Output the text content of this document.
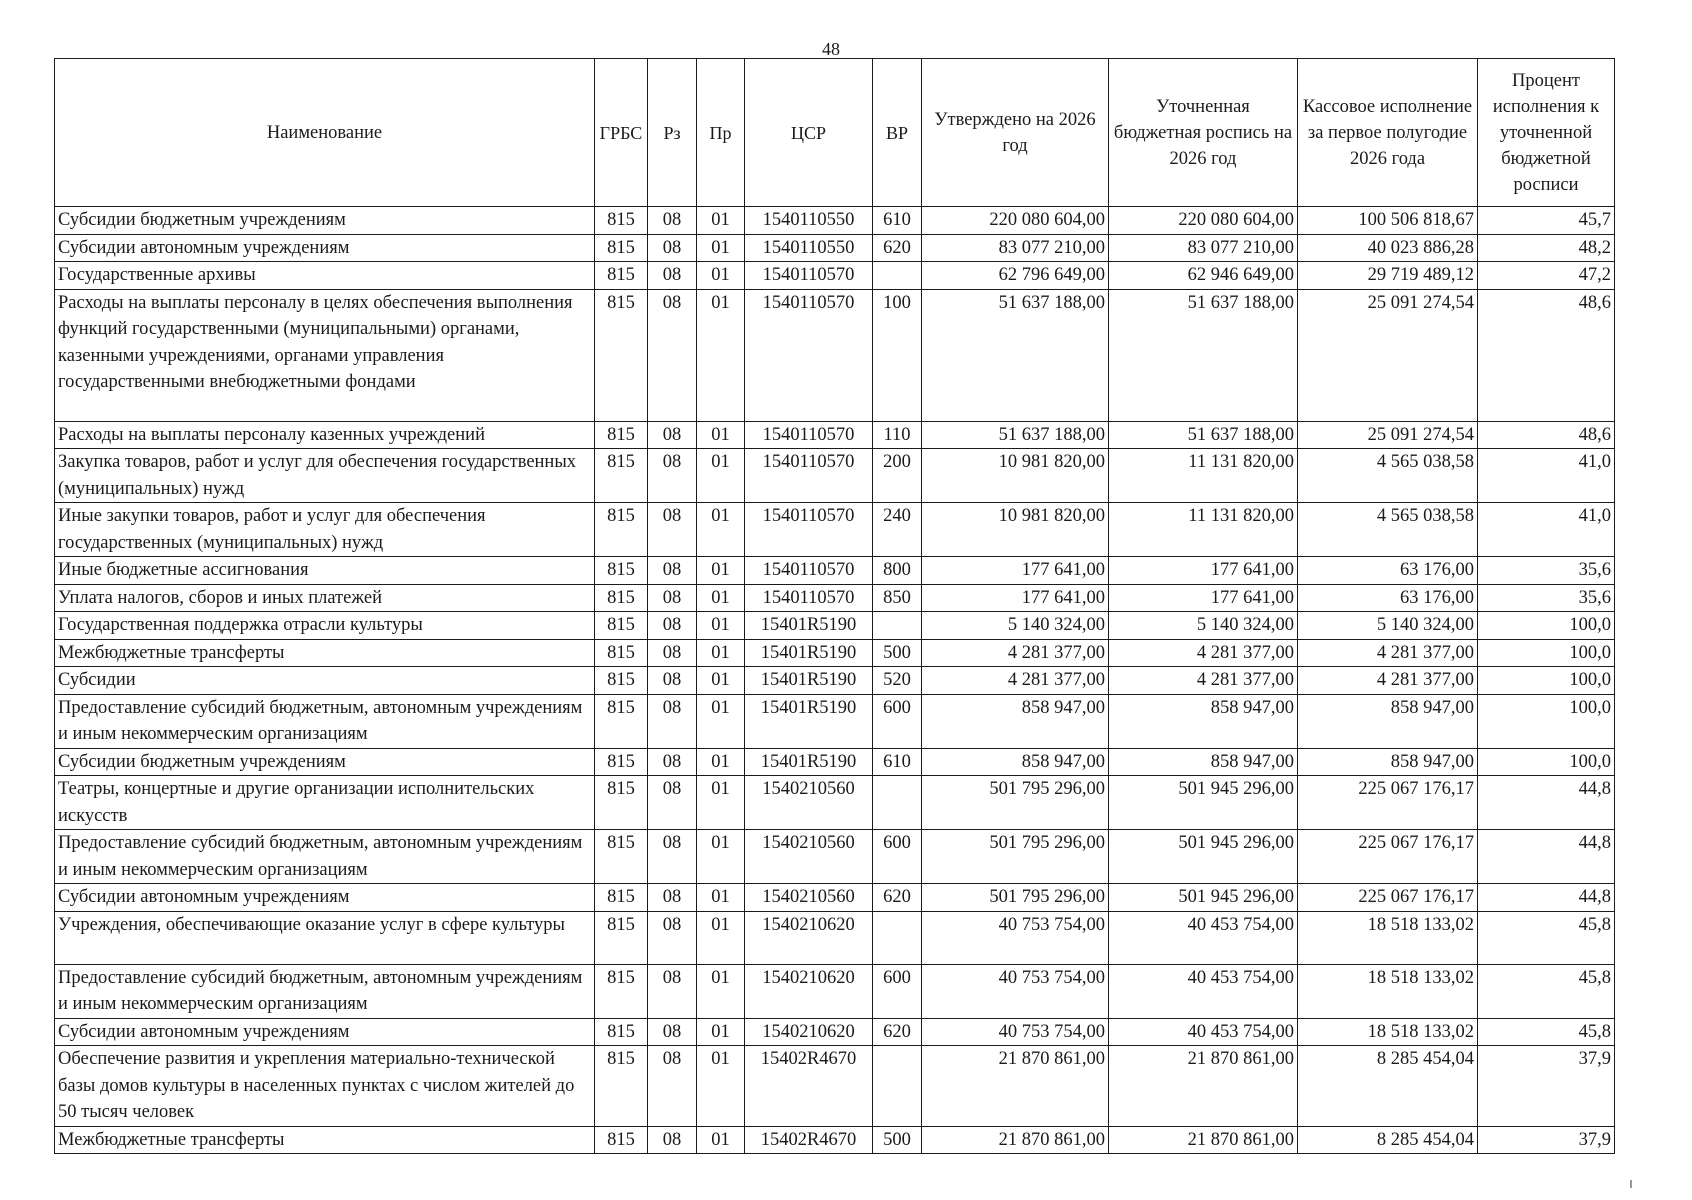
48
Наименование	ГРБС	Рз	Пр	ЦСР	ВР	Утверждено на 2026 год	Уточненная бюджетная роспись на 2026 год	Кассовое исполнение за первое полугодие 2026 года	Процент исполнения к уточненной бюджетной росписи
Субсидии бюджетным учреждениям	815	08	01	1540110550	610	220 080 604,00	220 080 604,00	100 506 818,67	45,7
Субсидии автономным учреждениям	815	08	01	1540110550	620	83 077 210,00	83 077 210,00	40 023 886,28	48,2
Государственные архивы	815	08	01	1540110570		62 796 649,00	62 946 649,00	29 719 489,12	47,2
Расходы на выплаты персоналу в целях обеспечения выполнения функций государственными (муниципальными) органами, казенными учреждениями, органами управления государственными внебюджетными фондами	815	08	01	1540110570	100	51 637 188,00	51 637 188,00	25 091 274,54	48,6
Расходы на выплаты персоналу казенных учреждений	815	08	01	1540110570	110	51 637 188,00	51 637 188,00	25 091 274,54	48,6
Закупка товаров, работ и услуг для обеспечения государственных (муниципальных) нужд	815	08	01	1540110570	200	10 981 820,00	11 131 820,00	4 565 038,58	41,0
Иные закупки товаров, работ и услуг для обеспечения государственных (муниципальных) нужд	815	08	01	1540110570	240	10 981 820,00	11 131 820,00	4 565 038,58	41,0
Иные бюджетные ассигнования	815	08	01	1540110570	800	177 641,00	177 641,00	63 176,00	35,6
Уплата налогов, сборов и иных платежей	815	08	01	1540110570	850	177 641,00	177 641,00	63 176,00	35,6
Государственная поддержка отрасли культуры	815	08	01	15401R5190		5 140 324,00	5 140 324,00	5 140 324,00	100,0
Межбюджетные трансферты	815	08	01	15401R5190	500	4 281 377,00	4 281 377,00	4 281 377,00	100,0
Субсидии	815	08	01	15401R5190	520	4 281 377,00	4 281 377,00	4 281 377,00	100,0
Предоставление субсидий бюджетным, автономным учреждениям и иным некоммерческим организациям	815	08	01	15401R5190	600	858 947,00	858 947,00	858 947,00	100,0
Субсидии бюджетным учреждениям	815	08	01	15401R5190	610	858 947,00	858 947,00	858 947,00	100,0
Театры, концертные и другие организации исполнительских искусств	815	08	01	1540210560		501 795 296,00	501 945 296,00	225 067 176,17	44,8
Предоставление субсидий бюджетным, автономным учреждениям и иным некоммерческим организациям	815	08	01	1540210560	600	501 795 296,00	501 945 296,00	225 067 176,17	44,8
Субсидии автономным учреждениям	815	08	01	1540210560	620	501 795 296,00	501 945 296,00	225 067 176,17	44,8
Учреждения, обеспечивающие оказание услуг в сфере культуры	815	08	01	1540210620		40 753 754,00	40 453 754,00	18 518 133,02	45,8
Предоставление субсидий бюджетным, автономным учреждениям и иным некоммерческим организациям	815	08	01	1540210620	600	40 753 754,00	40 453 754,00	18 518 133,02	45,8
Субсидии автономным учреждениям	815	08	01	1540210620	620	40 753 754,00	40 453 754,00	18 518 133,02	45,8
Обеспечение развития и укрепления материально-технической базы домов культуры в населенных пунктах с числом жителей до 50 тысяч человек	815	08	01	15402R4670		21 870 861,00	21 870 861,00	8 285 454,04	37,9
Межбюджетные трансферты	815	08	01	15402R4670	500	21 870 861,00	21 870 861,00	8 285 454,04	37,9
